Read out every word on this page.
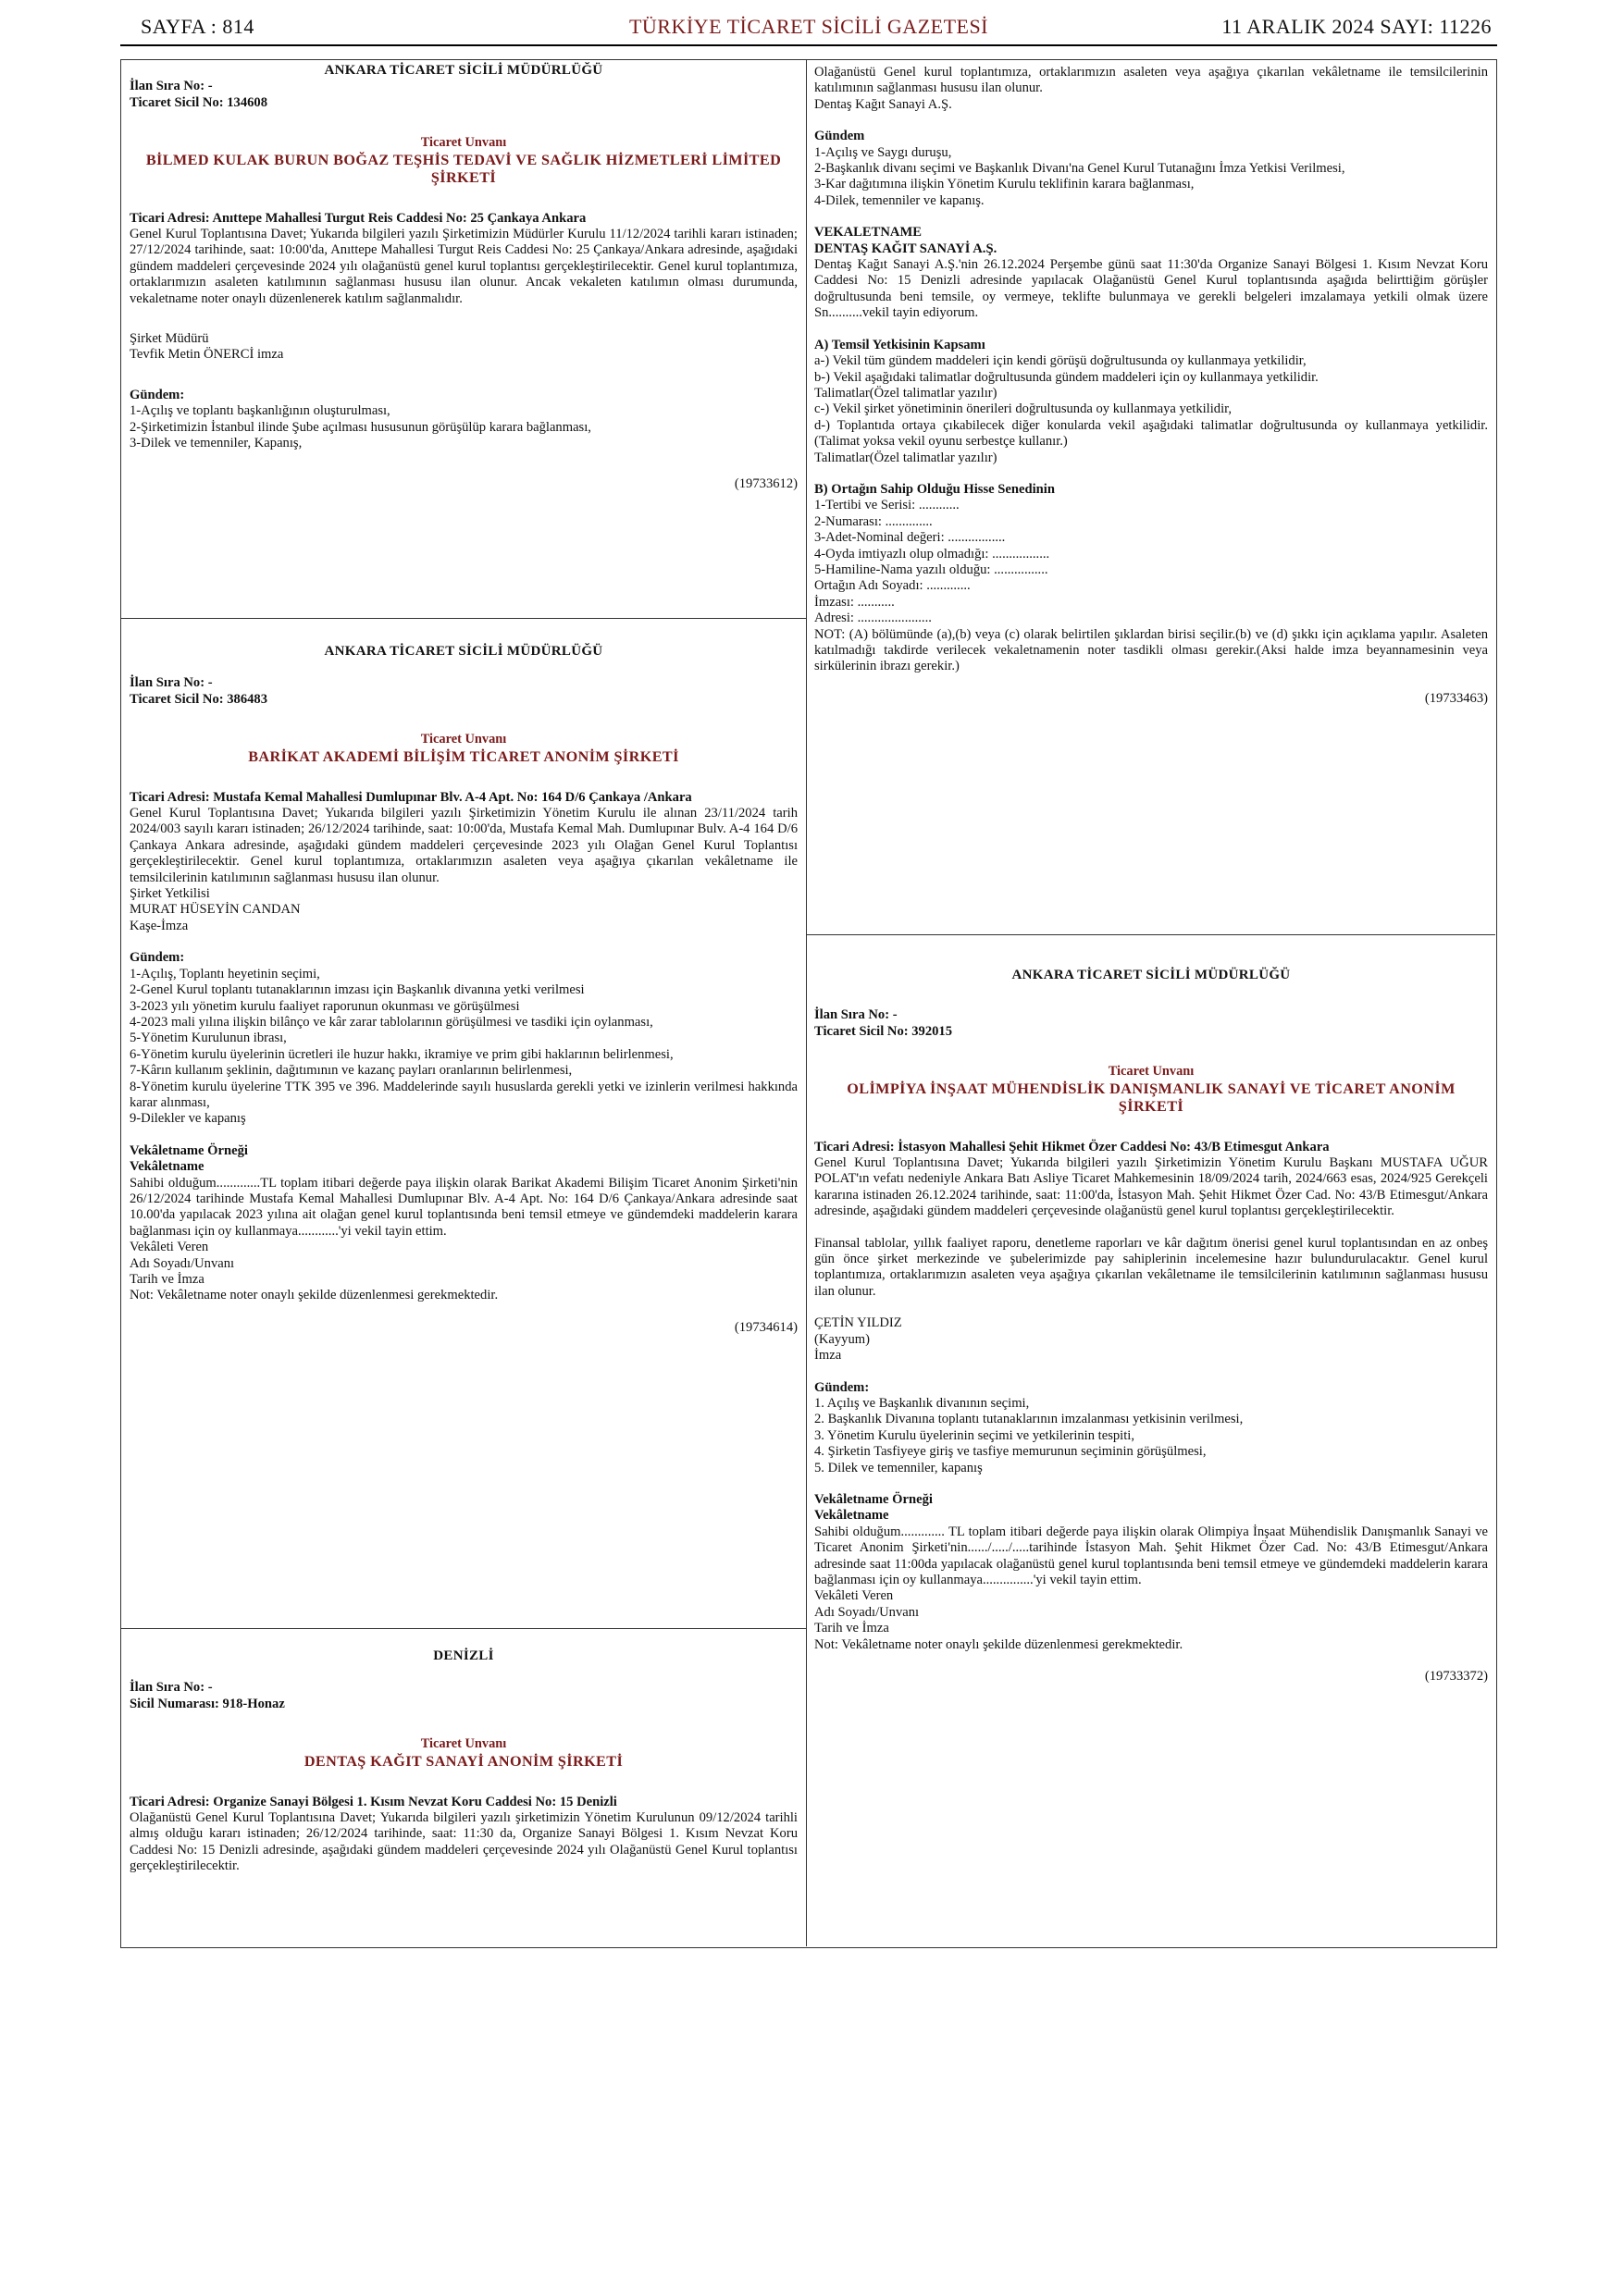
SAYFA : 814	TÜRKİYE TİCARET SİCİLİ GAZETESİ	11 ARALIK 2024 SAYI: 11226
ANKARA TİCARET SİCİLİ MÜDÜRLÜĞÜ
İlan Sıra No: -
Ticaret Sicil No: 134608
Ticaret Unvanı
BİLMED KULAK BURUN BOĞAZ TEŞHİS TEDAVİ VE SAĞLIK HİZMETLERİ LİMİTED ŞİRKETİ
Ticari Adresi: Anıttepe Mahallesi Turgut Reis Caddesi No: 25 Çankaya Ankara
Genel Kurul Toplantısına Davet; Yukarıda bilgileri yazılı Şirketimizin Müdürler Kurulu 11/12/2024 tarihli kararı istinaden; 27/12/2024 tarihinde, saat: 10:00'da, Anıttepe Mahallesi Turgut Reis Caddesi No: 25 Çankaya/Ankara adresinde, aşağıdaki gündem maddeleri çerçevesinde 2024 yılı olağanüstü genel kurul toplantısı gerçekleştirilecektir. Genel kurul toplantımıza, ortaklarımızın asaleten katılımının sağlanması hususu ilan olunur. Ancak vekaleten katılımın olması durumunda, vekaletname noter onaylı düzenlenerek katılım sağlanmalıdır.
Şirket Müdürü
Tevfik Metin ÖNERCİ imza
Gündem:
1-Açılış ve toplantı başkanlığının oluşturulması,
2-Şirketimizin İstanbul ilinde Şube açılması hususunun görüşülüp karara bağlanması,
3-Dilek ve temenniler, Kapanış,
(19733612)
ANKARA TİCARET SİCİLİ MÜDÜRLÜĞÜ
İlan Sıra No: -
Ticaret Sicil No: 386483
Ticaret Unvanı
BARİKAT AKADEMİ BİLİŞİM TİCARET ANONİM ŞİRKETİ
Ticari Adresi: Mustafa Kemal Mahallesi Dumlupınar Blv. A-4 Apt. No: 164 D/6 Çankaya /Ankara
Genel Kurul Toplantısına Davet; Yukarıda bilgileri yazılı Şirketimizin Yönetim Kurulu ile alınan 23/11/2024 tarih 2024/003 sayılı kararı istinaden; 26/12/2024 tarihinde, saat: 10:00'da, Mustafa Kemal Mah. Dumlupınar Bulv. A-4 164 D/6 Çankaya Ankara adresinde, aşağıdaki gündem maddeleri çerçevesinde 2023 yılı Olağan Genel Kurul Toplantısı gerçekleştirilecektir. Genel kurul toplantımıza, ortaklarımızın asaleten veya aşağıya çıkarılan vekâletname ile temsilcilerinin katılımının sağlanması hususu ilan olunur.
Şirket Yetkilisi
MURAT HÜSEYİN CANDAN
Kaşe-İmza
Gündem:
1-Açılış, Toplantı heyetinin seçimi,
2-Genel Kurul toplantı tutanaklarının imzası için Başkanlık divanına yetki verilmesi
3-2023 yılı yönetim kurulu faaliyet raporunun okunması ve görüşülmesi
4-2023 mali yılına ilişkin bilânço ve kâr zarar tablolarının görüşülmesi ve tasdiki için oylanması,
5-Yönetim Kurulunun ibrası,
6-Yönetim kurulu üyelerinin ücretleri ile huzur hakkı, ikramiye ve prim gibi haklarının belirlenmesi,
7-Kârın kullanım şeklinin, dağıtımının ve kazanç payları oranlarının belirlenmesi,
8-Yönetim kurulu üyelerine TTK 395 ve 396. Maddelerinde sayılı hususlarda gerekli yetki ve izinlerin verilmesi hakkında karar alınması,
9-Dilekler ve kapanış
Vekâletname Örneği
Vekâletname
Sahibi olduğum.............TL toplam itibari değerde paya ilişkin olarak Barikat Akademi Bilişim Ticaret Anonim Şirketi'nin 26/12/2024 tarihinde Mustafa Kemal Mahallesi Dumlupınar Blv. A-4 Apt. No: 164 D/6 Çankaya/Ankara adresinde saat 10.00'da yapılacak 2023 yılına ait olağan genel kurul toplantısında beni temsil etmeye ve gündemdeki maddelerin karara bağlanması için oy kullanmaya............'yi vekil tayin ettim.
Vekâleti Veren
Adı Soyadı/Unvanı
Tarih ve İmza
Not: Vekâletname noter onaylı şekilde düzenlenmesi gerekmektedir.
(19734614)
DENİZLİ
İlan Sıra No: -
Sicil Numarası: 918-Honaz
Ticaret Unvanı
DENTAŞ KAĞIT SANAYİ ANONİM ŞİRKETİ
Ticari Adresi: Organize Sanayi Bölgesi 1. Kısım Nevzat Koru Caddesi No: 15 Denizli
Olağanüstü Genel Kurul Toplantısına Davet; Yukarıda bilgileri yazılı şirketimizin Yönetim Kurulunun 09/12/2024 tarihli almış olduğu kararı istinaden; 26/12/2024 tarihinde, saat: 11:30 da, Organize Sanayi Bölgesi 1. Kısım Nevzat Koru Caddesi No: 15 Denizli adresinde, aşağıdaki gündem maddeleri çerçevesinde 2024 yılı Olağanüstü Genel Kurul toplantısı gerçekleştirilecektir.
Olağanüstü Genel kurul toplantımıza, ortaklarımızın asaleten veya aşağıya çıkarılan vekâletname ile temsilcilerinin katılımının sağlanması hususu ilan olunur.
Dentaş Kağıt Sanayi A.Ş.
Gündem
1-Açılış ve Saygı duruşu,
2-Başkanlık divanı seçimi ve Başkanlık Divanı'na Genel Kurul Tutanağını İmza Yetkisi Verilmesi,
3-Kar dağıtımına ilişkin Yönetim Kurulu teklifinin karara bağlanması,
4-Dilek, temenniler ve kapanış.
VEKALETNAME
DENTAŞ KAĞIT SANAYİ A.Ş.
Dentaş Kağıt Sanayi A.Ş.'nin 26.12.2024 Perşembe günü saat 11:30'da Organize Sanayi Bölgesi 1. Kısım Nevzat Koru Caddesi No: 15 Denizli adresinde yapılacak Olağanüstü Genel Kurul toplantısında aşağıda belirttiğim görüşler doğrultusunda beni temsile, oy vermeye, teklifte bulunmaya ve gerekli belgeleri imzalamaya yetkili olmak üzere Sn..........vekil tayin ediyorum.
A) Temsil Yetkisinin Kapsamı
a-) Vekil tüm gündem maddeleri için kendi görüşü doğrultusunda oy kullanmaya yetkilidir,
b-) Vekil aşağıdaki talimatlar doğrultusunda gündem maddeleri için oy kullanmaya yetkilidir.
Talimatlar(Özel talimatlar yazılır)
c-) Vekil şirket yönetiminin önerileri doğrultusunda oy kullanmaya yetkilidir,
d-) Toplantıda ortaya çıkabilecek diğer konularda vekil aşağıdaki talimatlar doğrultusunda oy kullanmaya yetkilidir. (Talimat yoksa vekil oyunu serbestçe kullanır.)
Talimatlar(Özel talimatlar yazılır)
B) Ortağın Sahip Olduğu Hisse Senedinin
1-Tertibi ve Serisi: ............
2-Numarası: ..............
3-Adet-Nominal değeri: .................
4-Oyda imtiyazlı olup olmadığı: .................
5-Hamiline-Nama yazılı olduğu: ................
Ortağın Adı Soyadı: .............
İmzası: ...........
Adresi: ......................
NOT: (A) bölümünde (a),(b) veya (c) olarak belirtilen şıklardan birisi seçilir.(b) ve (d) şıkkı için açıklama yapılır. Asaleten katılmadığı takdirde verilecek vekaletnamenin noter tasdikli olması gerekir.(Aksi halde imza beyannamesinin veya sirkülerinin ibrazı gerekir.)
(19733463)
ANKARA TİCARET SİCİLİ MÜDÜRLÜĞÜ
İlan Sıra No: -
Ticaret Sicil No: 392015
Ticaret Unvanı
OLİMPİYA İNŞAAT MÜHENDİSLİK DANIŞMANLIK SANAYİ VE TİCARET ANONİM ŞİRKETİ
Ticari Adresi: İstasyon Mahallesi Şehit Hikmet Özer Caddesi No: 43/B Etimesgut Ankara
Genel Kurul Toplantısına Davet; Yukarıda bilgileri yazılı Şirketimizin Yönetim Kurulu Başkanı MUSTAFA UĞUR POLAT'ın vefatı nedeniyle Ankara Batı Asliye Ticaret Mahkemesinin 18/09/2024 tarih, 2024/663 esas, 2024/925 Gerekçeli kararına istinaden 26.12.2024 tarihinde, saat: 11:00'da, İstasyon Mah. Şehit Hikmet Özer Cad. No: 43/B Etimesgut/Ankara adresinde, aşağıdaki gündem maddeleri çerçevesinde olağanüstü genel kurul toplantısı gerçekleştirilecektir.
Finansal tablolar, yıllık faaliyet raporu, denetleme raporları ve kâr dağıtım önerisi genel kurul toplantısından en az onbeş gün önce şirket merkezinde ve şubelerimizde pay sahiplerinin incelemesine hazır bulundurulacaktır. Genel kurul toplantımıza, ortaklarımızın asaleten veya aşağıya çıkarılan vekâletname ile temsilcilerinin katılımının sağlanması hususu ilan olunur.
ÇETİN YILDIZ
(Kayyum)
İmza
Gündem:
1. Açılış ve Başkanlık divanının seçimi,
2. Başkanlık Divanına toplantı tutanaklarının imzalanması yetkisinin verilmesi,
3. Yönetim Kurulu üyelerinin seçimi ve yetkilerinin tespiti,
4. Şirketin Tasfiyeye giriş ve tasfiye memurunun seçiminin görüşülmesi,
5. Dilek ve temenniler, kapanış
Vekâletname Örneği
Vekâletname
Sahibi olduğum............. TL toplam itibari değerde paya ilişkin olarak Olimpiya İnşaat Mühendislik Danışmanlık Sanayi ve Ticaret Anonim Şirketi'nin....../...../.....tarihinde İstasyon Mah. Şehit Hikmet Özer Cad. No: 43/B Etimesgut/Ankara adresinde saat 11:00da yapılacak olağanüstü genel kurul toplantısında beni temsil etmeye ve gündemdeki maddelerin karara bağlanması için oy kullanmaya...............'yi vekil tayin ettim.
Vekâleti Veren
Adı Soyadı/Unvanı
Tarih ve İmza
Not: Vekâletname noter onaylı şekilde düzenlenmesi gerekmektedir.
(19733372)
